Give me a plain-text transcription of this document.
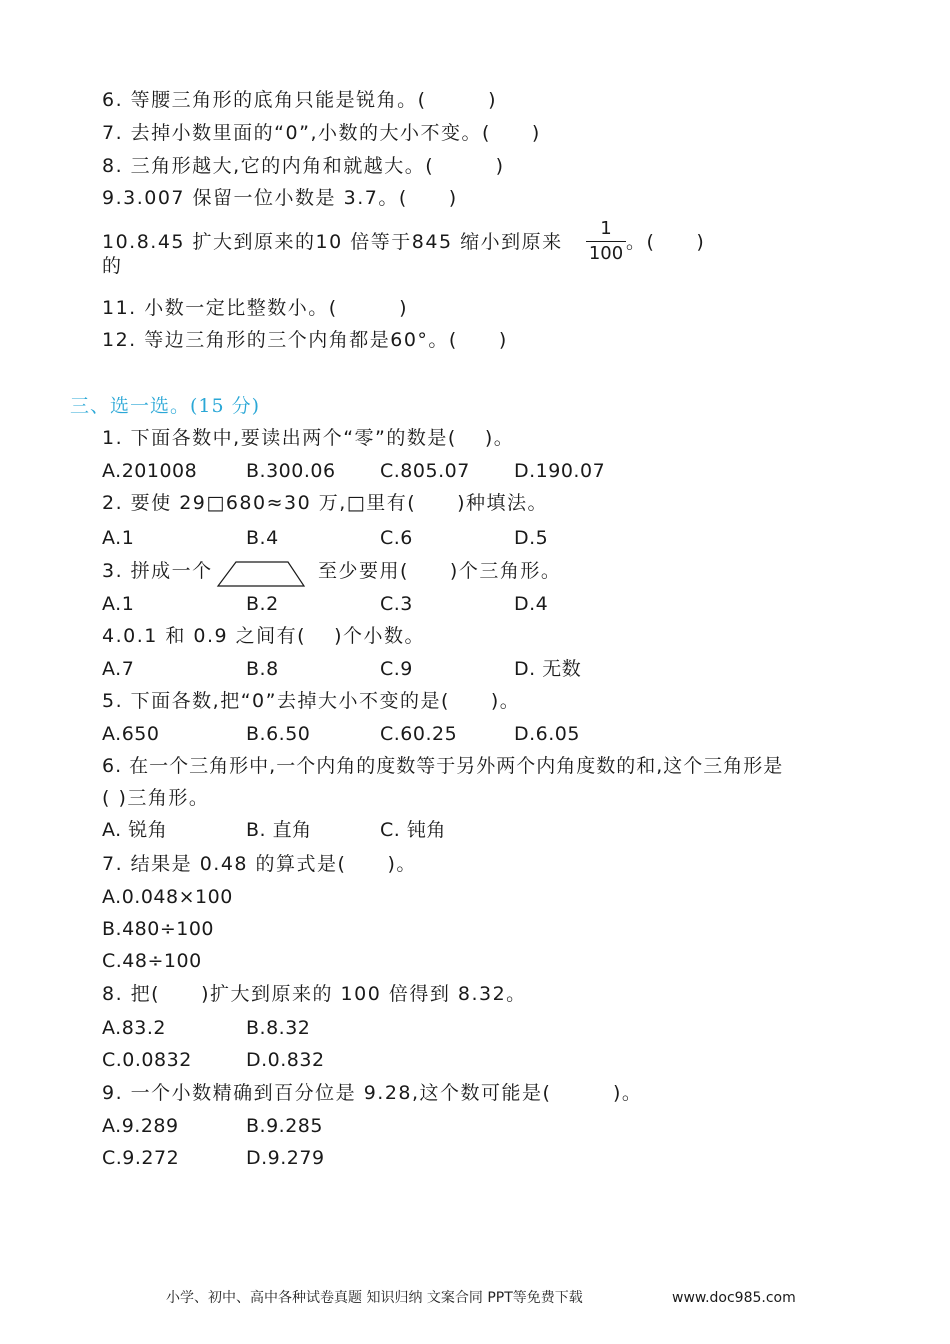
6. 等腰三角形的底角只能是锐角。(　　　)
7. 去掉小数里面的“0”,小数的大小不变。(　　)
8. 三角形越大,它的内角和就越大。(　　　)
9.3.007 保留一位小数是 3.7。(　　)
10.8.45 扩大到原来的10 倍等于845 缩小到原来
1
100
。(　　)
的
11. 小数一定比整数小。(　　　)
12. 等边三角形的三个内角都是60°。(　　)
三、选一选。(15 分)
1. 下面各数中,要读出两个“零”的数是(　 )。
A.201008	B.300.06 C.805.07 D.190.07
2. 要使 29□680≈30 万,□里有(　　)种填法。
A.1	B.4	C.6	D.5
3. 拼成一个	至少要用(　　)个三角形。
A.1	B.2	C.3	D.4
4.0.1 和 0.9 之间有(　 )个小数。
A.7	B.8	C.9	D. 无数
5. 下面各数,把“0”去掉大小不变的是(　　)。
A.650	B.6.50	C.60.25	D.6.05
6. 在一个三角形中,一个内角的度数等于另外两个内角度数的和,这个三角形是
( )三角形。
A. 锐角	B. 直角	C. 钝角
7. 结果是 0.48 的算式是(　　)。
A.0.048×100
B.480÷100
C.48÷100
8. 把(　　)扩大到原来的 100 倍得到 8.32。
A.83.2	B.8.32
C.0.0832	D.0.832
9. 一个小数精确到百分位是 9.28,这个数可能是(　　　)。
A.9.289	B.9.285
C.9.272	D.9.279
小学、初中、高中各种试卷真题 知识归纳 文案合同 PPT等免费下载	www.doc985.com
